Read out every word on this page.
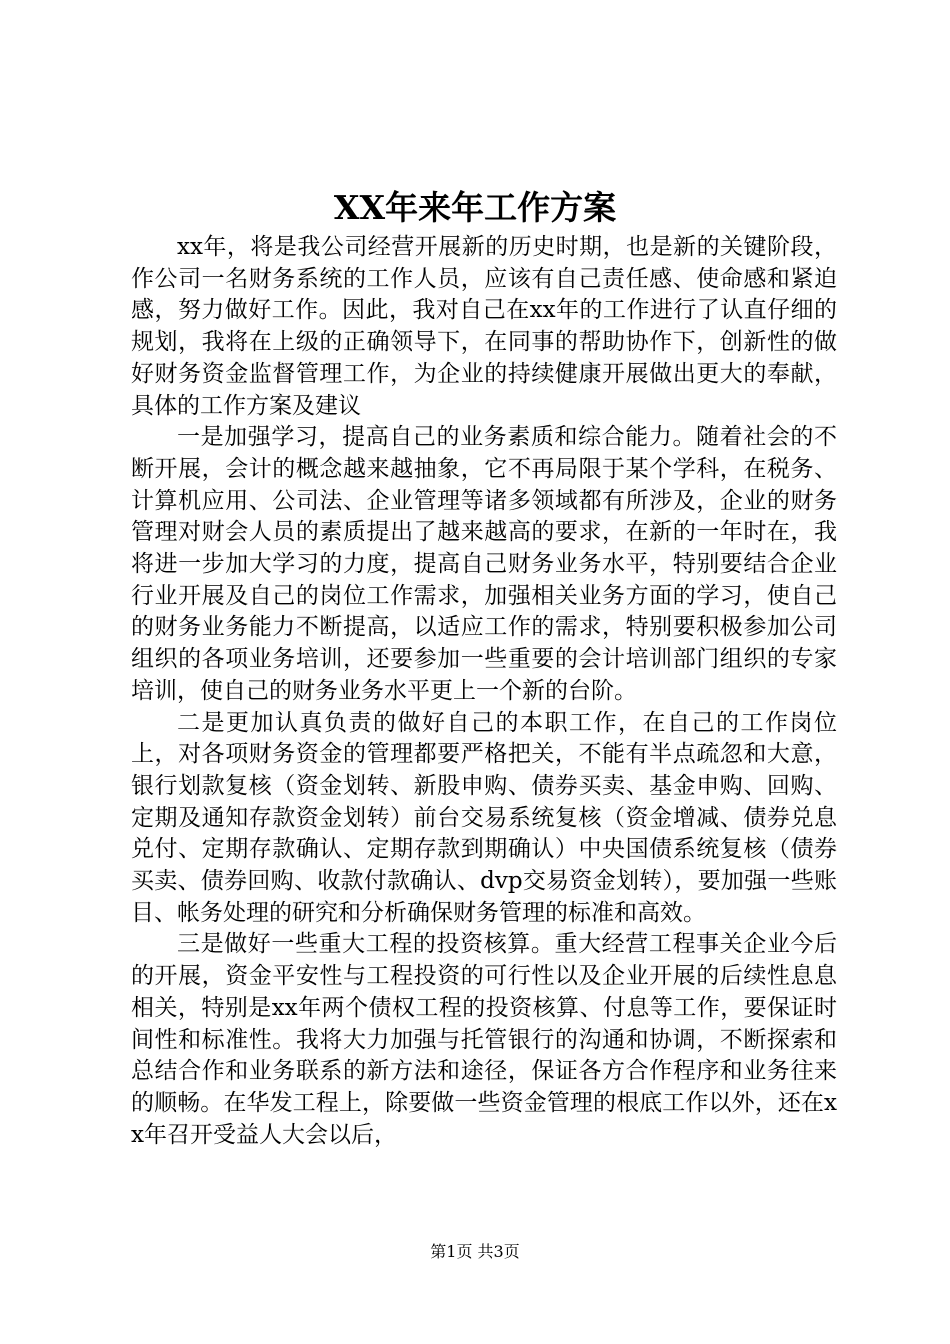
XX年来年工作方案

xx年，将是我公司经营开展新的历史时期，也是新的关键阶段，作公司一名财务系统的工作人员，应该有自己责任感、使命感和紧迫感，努力做好工作。因此，我对自己在xx年的工作进行了认直仔细的规划，我将在上级的正确领导下，在同事的帮助协作下，创新性的做好财务资金监督管理工作，为企业的持续健康开展做出更大的奉献，具体的工作方案及建议

一是加强学习，提高自己的业务素质和综合能力。随着社会的不断开展，会计的概念越来越抽象，它不再局限于某个学科，在税务、计算机应用、公司法、企业管理等诸多领域都有所涉及，企业的财务管理对财会人员的素质提出了越来越高的要求，在新的一年时在，我将进一步加大学习的力度，提高自己财务业务水平，特别要结合企业行业开展及自己的岗位工作需求，加强相关业务方面的学习，使自己的财务业务能力不断提高，以适应工作的需求，特别要积极参加公司组织的各项业务培训，还要参加一些重要的会计培训部门组织的专家培训，使自己的财务业务水平更上一个新的台阶。

二是更加认真负责的做好自己的本职工作，在自己的工作岗位上，对各项财务资金的管理都要严格把关，不能有半点疏忽和大意，银行划款复核（资金划转、新股申购、债券买卖、基金申购、回购、定期及通知存款资金划转）前台交易系统复核（资金增减、债券兑息兑付、定期存款确认、定期存款到期确认）中央国债系统复核（债券买卖、债券回购、收款付款确认、dvp交易资金划转），要加强一些账目、帐务处理的研究和分析确保财务管理的标准和高效。

三是做好一些重大工程的投资核算。重大经营工程事关企业今后的开展，资金平安性与工程投资的可行性以及企业开展的后续性息息相关，特别是xx年两个债权工程的投资核算、付息等工作，要保证时间性和标准性。我将大力加强与托管银行的沟通和协调，不断探索和总结合作和业务联系的新方法和途径，保证各方合作程序和业务往来的顺畅。在华发工程上，除要做一些资金管理的根底工作以外，还在xx年召开受益人大会以后，

第1页 共3页
